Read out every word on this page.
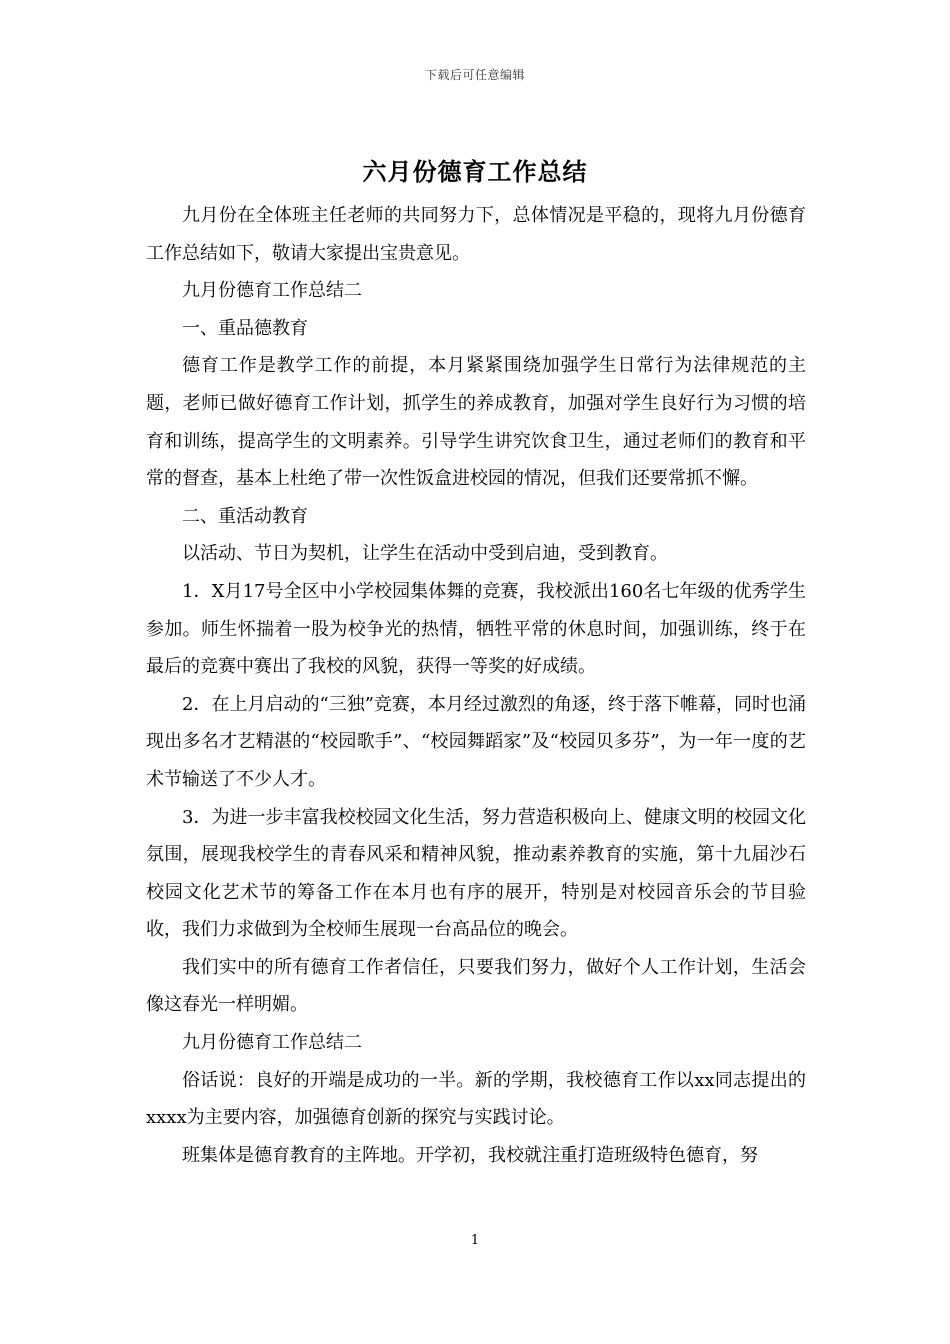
下载后可任意编辑
六月份德育工作总结

九月份在全体班主任老师的共同努力下，总体情况是平稳的，现将九月份德育工作总结如下，敬请大家提出宝贵意见。

九月份德育工作总结二

一、重品德教育

德育工作是教学工作的前提，本月紧紧围绕加强学生日常行为法律规范的主题，老师已做好德育工作计划，抓学生的养成教育，加强对学生良好行为习惯的培育和训练，提高学生的文明素养。引导学生讲究饮食卫生，通过老师们的教育和平常的督查，基本上杜绝了带一次性饭盒进校园的情况，但我们还要常抓不懈。

二、重活动教育

以活动、节日为契机，让学生在活动中受到启迪，受到教育。

1．X月17号全区中小学校园集体舞的竞赛，我校派出160名七年级的优秀学生参加。师生怀揣着一股为校争光的热情，牺牲平常的休息时间，加强训练，终于在最后的竞赛中赛出了我校的风貌，获得一等奖的好成绩。

2．在上月启动的“三独”竞赛，本月经过激烈的角逐，终于落下帷幕，同时也涌现出多名才艺精湛的“校园歌手”、“校园舞蹈家”及“校园贝多芬”，为一年一度的艺术节输送了不少人才。

3．为进一步丰富我校校园文化生活，努力营造积极向上、健康文明的校园文化氛围，展现我校学生的青春风采和精神风貌，推动素养教育的实施，第十九届沙石校园文化艺术节的筹备工作在本月也有序的展开，特别是对校园音乐会的节目验收，我们力求做到为全校师生展现一台高品位的晚会。

我们实中的所有德育工作者信任，只要我们努力，做好个人工作计划，生活会像这春光一样明媚。

九月份德育工作总结二

俗话说：良好的开端是成功的一半。新的学期，我校德育工作以xx同志提出的xxxx为主要内容，加强德育创新的探究与实践讨论。

班集体是德育教育的主阵地。开学初，我校就注重打造班级特色德育，努

1
